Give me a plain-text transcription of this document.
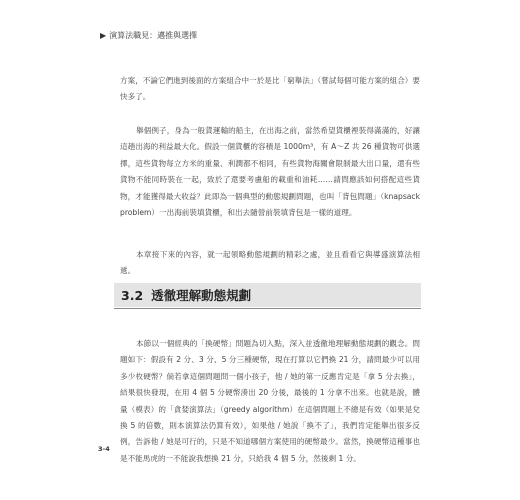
▶ 演算法職見：邁推與選擇

方案，不論它們進到後面的方案組合中一於是比「窮舉法」（嘗試每個可能方案的組合）要快多了。

舉個例子，身為一般貨運輸的船主，在出海之前，當然希望貨櫃裡裝得滿滿的，好讓這趟出海的利益最大化。假設一個貨櫃的容積是 1000m³，有 A～Z 共 26 種貨物可供選擇，這些貨物每立方米的重量、利潤都不相同，有些貨物海關會限制最大出口量，還有些貨物不能同時裝在一起，致於了還要考慮船的載重和油耗……請問應該如何搭配這些貨物，才能獲得最大收益？此即為一個典型的動態規劃問題，也叫「背包問題」（knapsack problem）一出海前裝填貨櫃，和出去隨營前裝填背包是一樣的道理。

本章接下來的內容，就一起領略動態規劃的精彩之處，並且看看它與導盛演算法相遞。

3.2 透徹理解動態規劃

本節以一個經典的「換硬幣」問題為切入點，深入並透徹地理解動態規劃的觀念。問題如下：假設有 2 分、3 分、5 分三種硬幣，現在打算以它們換 21 分，請問最少可以用多少枚硬幣？倘若拿這個問題問一個小孩子，他 / 她的第一反應肯定是「拿 5 分去換」，結果很快發現，在用 4 個 5 分硬幣湊出 20 分後，最後的 1 分拿不出來。也就是說，體量（模表）的「貪婪演算法」（greedy algorithm）在這個問題上不總是有效（如果是兌換 5 的倍數，則本演算法仍算有效），如果他 / 她說「換不了」，我們肯定能舉出很多反例，告訴他 / 她是可行的，只是不知道哪個方案使用的硬幣最少。當然，換硬幣這種事也是不能馬虎的一不能說我想換 21 分，只給我 4 個 5 分，然後剩 1 分。

3-4
